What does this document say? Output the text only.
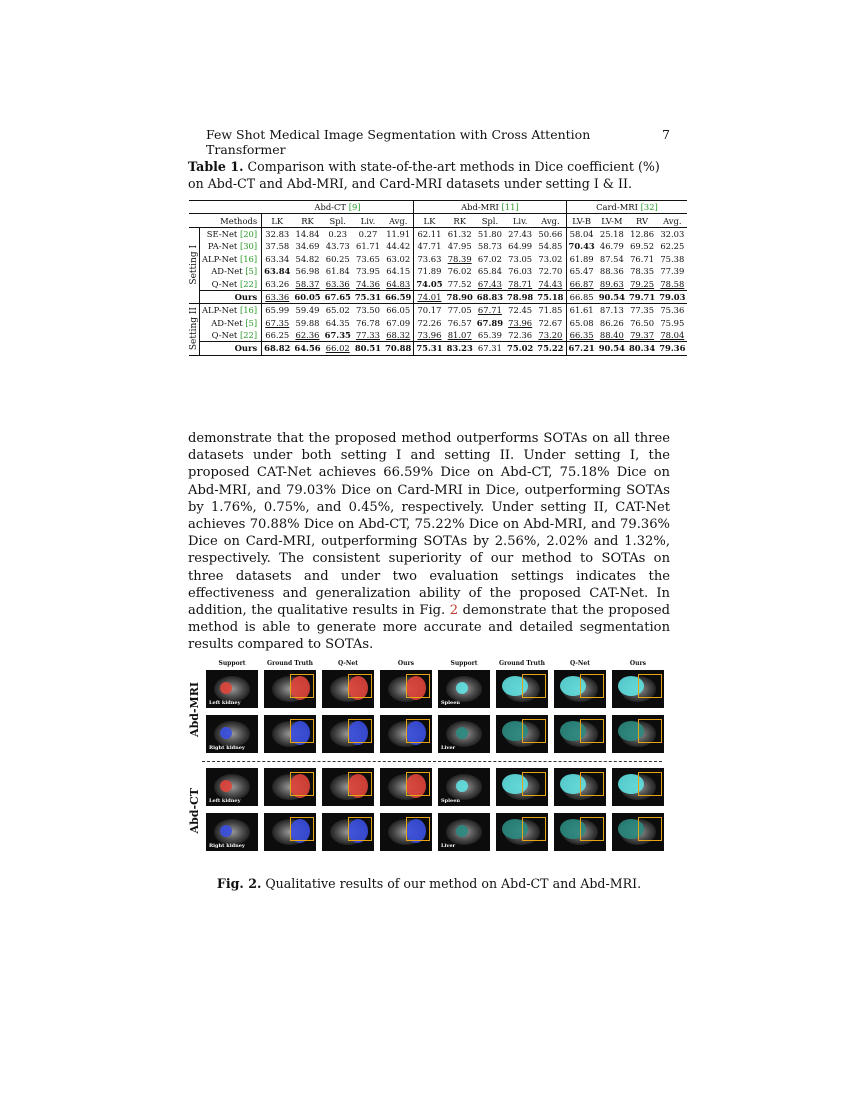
Few Shot Medical Image Segmentation with Cross Attention Transformer
7
Table 1. Comparison with state-of-the-art methods in Dice coefficient (%) on Abd-CT and Abd-MRI, and Card-MRI datasets under setting I & II.
		Abd-CT [9]					Abd-MRI [11]					Card-MRI [32]			
Methods		LK	RK	Spl.	Liv.	Avg.	LK	RK	Spl.	Liv.	Avg.	LV-B	LV-M	RV	Avg.
Setting I	SE-Net [20]	32.83	14.84	0.23	0.27	11.91	62.11	61.32	51.80	27.43	50.66	58.04	25.18	12.86	32.03
	PA-Net [30]	37.58	34.69	43.73	61.71	44.42	47.71	47.95	58.73	64.99	54.85	70.43	46.79	69.52	62.25
	ALP-Net [16]	63.34	54.82	60.25	73.65	63.02	73.63	78.39	67.02	73.05	73.02	61.89	87.54	76.71	75.38
	AD-Net [5]	63.84	56.98	61.84	73.95	64.15	71.89	76.02	65.84	76.03	72.70	65.47	88.36	78.35	77.39
	Q-Net [22]	63.26	58.37	63.36	74.36	64.83	74.05	77.52	67.43	78.71	74.43	66.87	89.63	79.25	78.58
	Ours	63.36	60.05	67.65	75.31	66.59	74.01	78.90	68.83	78.98	75.18	66.85	90.54	79.71	79.03
Setting II	ALP-Net [16]	65.99	59.49	65.02	73.50	66.05	70.17	77.05	67.71	72.45	71.85	61.61	87.13	77.35	75.36
	AD-Net [5]	67.35	59.88	64.35	76.78	67.09	72.26	76.57	67.89	73.96	72.67	65.08	86.26	76.50	75.95
	Q-Net [22]	66.25	62.36	67.35	77.33	68.32	73.96	81.07	65.39	72.36	73.20	66.35	88.40	79.37	78.04
	Ours	68.82	64.56	66.02	80.51	70.88	75.31	83.23	67.31	75.02	75.22	67.21	90.54	80.34	79.36
demonstrate that the proposed method outperforms SOTAs on all three datasets under both setting I and setting II. Under setting I, the proposed CAT-Net achieves 66.59% Dice on Abd-CT, 75.18% Dice on Abd-MRI, and 79.03% Dice on Card-MRI in Dice, outperforming SOTAs by 1.76%, 0.75%, and 0.45%, respectively. Under setting II, CAT-Net achieves 70.88% Dice on Abd-CT, 75.22% Dice on Abd-MRI, and 79.36% Dice on Card-MRI, outperforming SOTAs by 2.56%, 2.02% and 1.32%, respectively. The consistent superiority of our method to SOTAs on three datasets and under two evaluation settings indicates the effectiveness and generalization ability of the proposed CAT-Net. In addition, the qualitative results in Fig. 2 demonstrate that the proposed method is able to generate more accurate and detailed segmentation results compared to SOTAs.
Support	Ground Truth	Q-Net	Ours	Support	Ground Truth	Q-Net	Ours
Abd-MRI
Abd-CT
Left kidney	Spleen
Right kidney	Liver
Left kidney	Spleen
Right kidney	Liver
Fig. 2. Qualitative results of our method on Abd-CT and Abd-MRI.
